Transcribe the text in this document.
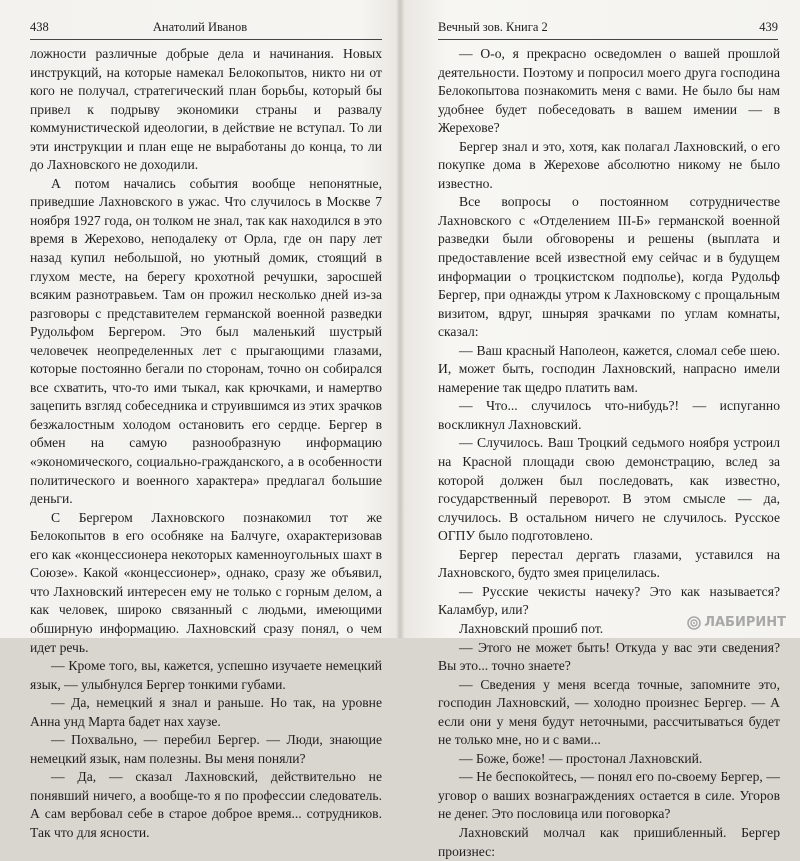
438	Анатолий Иванов

ложности различные добрые дела и начинания. Новых инструкций, на которые намекал Белокопытов, никто ни от кого не получал, стратегический план борьбы, который бы привел к подрыву экономики страны и развалу коммунистической идеологии, в действие не вступал. То ли эти инструкции и план еще не выработаны до конца, то ли до Лахновского не доходили.

А потом начались события вообще непонятные, приведшие Лахновского в ужас. Что случилось в Москве 7 ноября 1927 года, он толком не знал, так как находился в это время в Жерехово, неподалеку от Орла, где он пару лет назад купил небольшой, но уютный домик, стоящий в глухом месте, на берегу крохотной речушки, заросшей всяким разнотравьем. Там он прожил несколько дней из-за разговоры с представителем германской военной разведки Рудольфом Бергером. Это был маленький шустрый человечек неопределенных лет с прыгающими глазами, которые постоянно бегали по сторонам, точно он собирался все схватить, что-то ими тыкал, как крючками, и намертво зацепить взгляд собеседника и струившимся из этих зрачков безжалостным холодом остановить его сердце. Бергер в обмен на самую разнообразную информацию «экономического, социально-гражданского, а в особенности политического и военного характера» предлагал большие деньги.

С Бергером Лахновского познакомил тот же Белокопытов в его особняке на Балчуге, охарактеризовав его как «концессионера некоторых каменноугольных шахт в Союзе». Какой «концессионер», однако, сразу же объявил, что Лахновский интересен ему не только с горным делом, а как человек, широко связанный с людьми, имеющими обширную информацию. Лахновский сразу понял, о чем идет речь.

— Кроме того, вы, кажется, успешно изучаете немецкий язык, — улыбнулся Бергер тонкими губами.

— Да, немецкий я знал и раньше. Но так, на уровне Анна унд Марта бадет нах хаузе.

— Похвально, — перебил Бергер. — Люди, знающие немецкий язык, нам полезны. Вы меня поняли?

— Да, — сказал Лахновский, действительно не понявший ничего, а вообще-то я по профессии следователь. А сам вербовал себе в старое доброе время... сотрудников. Так что для ясности.

Вечный зов. Книга 2	439

— О-о, я прекрасно осведомлен о вашей прошлой деятельности. Поэтому и попросил моего друга господина Белокопытова познакомить меня с вами. Не было бы нам удобнее будет побеседовать в вашем имении — в Жерехове?

Бергер знал и это, хотя, как полагал Лахновский, о его покупке дома в Жерехове абсолютно никому не было известно.

Все вопросы о постоянном сотрудничестве Лахновского с «Отделением III-Б» германской военной разведки были обговорены и решены (выплата и предоставление всей известной ему сейчас и в будущем информации о троцкистском подполье), когда Рудольф Бергер, при однажды утром к Лахновскому с прощальным визитом, вдруг, шныряя зрачками по углам комнаты, сказал:

— Ваш красный Наполеон, кажется, сломал себе шею. И, может быть, господин Лахновский, напрасно имели намерение так щедро платить вам.

— Что... случилось что-нибудь?! — испуганно воскликнул Лахновский.

— Случилось. Ваш Троцкий седьмого ноября устроил на Красной площади свою демонстрацию, вслед за которой должен был последовать, как известно, государственный переворот. В этом смысле — да, случилось. В остальном ничего не случилось. Русское ОГПУ было подготовлено.

Бергер перестал дергать глазами, уставился на Лахновского, будто змея прицелилась.

— Русские чекисты начеку? Это как называется? Каламбур, или?

Лахновский прошиб пот.

— Этого не может быть! Откуда у вас эти сведения? Вы это... точно знаете?

— Сведения у меня всегда точные, запомните это, господин Лахновский, — холодно произнес Бергер. — А если они у меня будут неточными, рассчитываться будет не только мне, но и с вами...

— Боже, боже! — простонал Лахновский.

— Не беспокойтесь, — понял его по-своему Бергер, — уговор о ваших вознаграждениях остается в силе. Угоров не денег. Это пословица или поговорка?

Лахновский молчал как пришибленный. Бергер произнес:

ЛАБИРИНТ
